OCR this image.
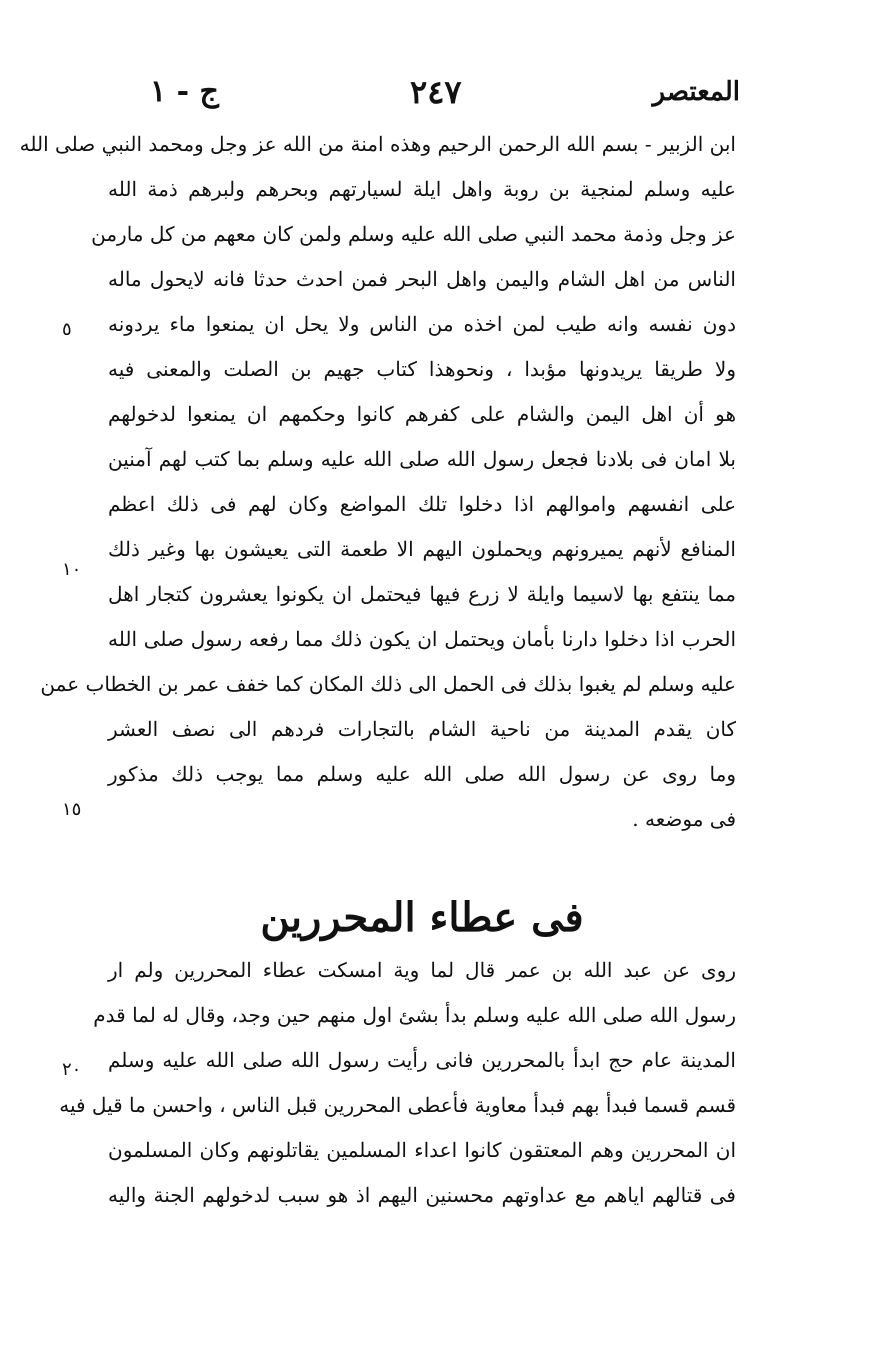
ج - ١	٢٤٧	المعتصر
ابن الزبير - بسم الله الرحمن الرحيم وهذه امنة من الله عز وجل ومحمد النبي صلى الله
عليه وسلم لمنجية بن روبة واهل ايلة لسيارتهم وبحرهم ولبرهم ذمة الله
عز وجل وذمة محمد النبي صلى الله عليه وسلم ولمن كان معهم من كل مارمن
الناس من اهل الشام واليمن واهل البحر فمن احدث حدثا فانه لايحول ماله
دون نفسه وانه طيب لمن اخذه من الناس ولا يحل ان يمنعوا ماء يردونه
ولا طريقا يريدونها مؤبدا ، ونحوهذا كتاب جهيم بن الصلت والمعنى فيه
هو أن اهل اليمن والشام على كفرهم كانوا وحكمهم ان يمنعوا لدخولهم
بلا امان فى بلادنا فجعل رسول الله صلى الله عليه وسلم بما كتب لهم آمنين
على انفسهم واموالهم اذا دخلوا تلك المواضع وكان لهم فى ذلك اعظم
المنافع لأنهم يميرونهم ويحملون اليهم الا طعمة التى يعيشون بها وغير ذلك
مما ينتفع بها لاسيما وايلة لا زرع فيها فيحتمل ان يكونوا يعشرون كتجار اهل
الحرب اذا دخلوا دارنا بأمان ويحتمل ان يكون ذلك مما رفعه رسول صلى الله
عليه وسلم لم يغبوا بذلك فى الحمل الى ذلك المكان كما خفف عمر بن الخطاب عمن
كان يقدم المدينة من ناحية الشام بالتجارات فردهم الى نصف العشر
وما روى عن رسول الله صلى الله عليه وسلم مما يوجب ذلك مذكور
فى موضعه .
٥
١٠
١٥
٢٠
فى عطاء المحررين
روى عن عبد الله بن عمر قال لما وية امسكت عطاء المحررين ولم ار
رسول الله صلى الله عليه وسلم بدأ بشئ اول منهم حين وجد، وقال له لما قدم
المدينة عام حج ابدأ بالمحررين فانى رأيت رسول الله صلى الله عليه وسلم
قسم قسما فبدأ بهم فبدأ معاوية فأعطى المحررين قبل الناس ، واحسن ما قيل فيه
ان المحررين وهم المعتقون كانوا اعداء المسلمين يقاتلونهم وكان المسلمون
فى قتالهم اياهم مع عداوتهم محسنين اليهم اذ هو سبب لدخولهم الجنة واليه
